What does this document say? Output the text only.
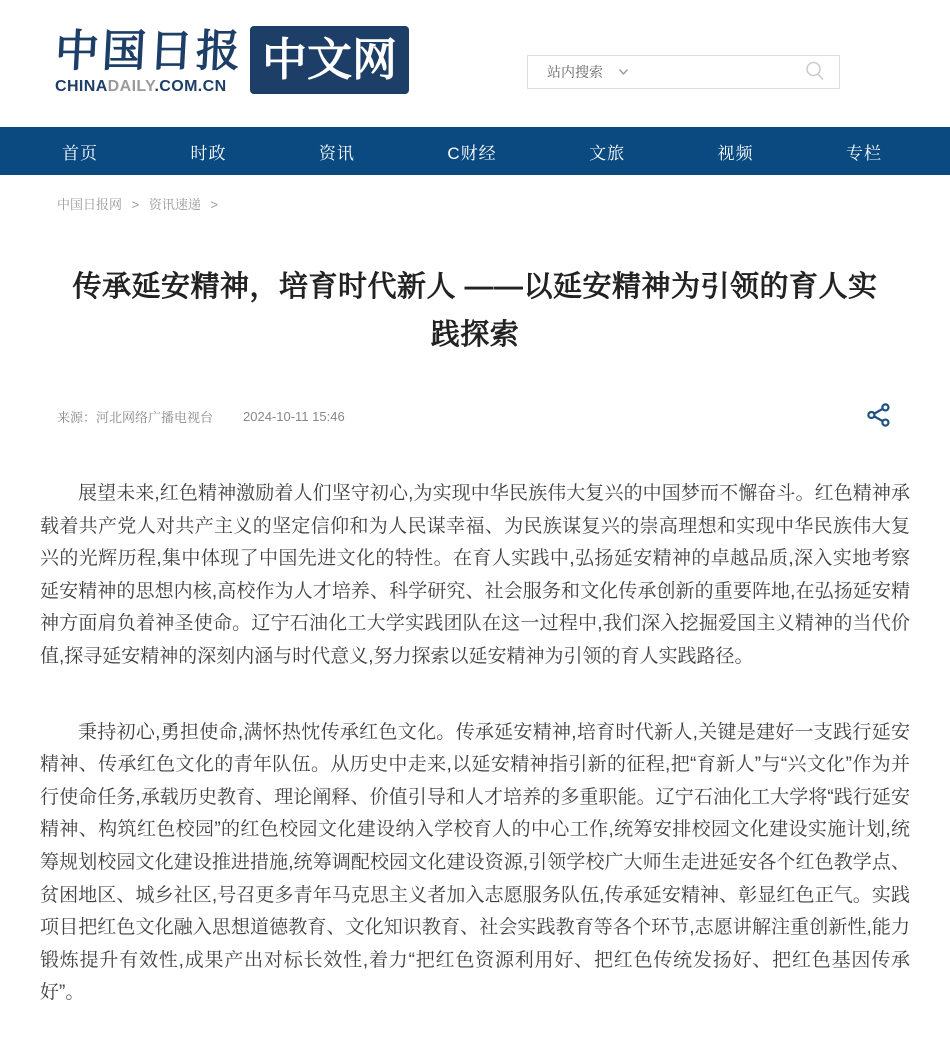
中国日报
CHINADAILY.COM.CN
中文网	站内搜索
首页	时政	资讯	C财经	文旅	视频	专栏
中国日报网 > 资讯速递 >
传承延安精神，培育时代新人 ——以延安精神为引领的育人实践探索
来源：河北网络广播电视台 2024-10-11 15:46

展望未来,红色精神激励着人们坚守初心,为实现中华民族伟大复兴的中国梦而不懈奋斗。红色精神承载着共产党人对共产主义的坚定信仰和为人民谋幸福、为民族谋复兴的崇高理想和实现中华民族伟大复兴的光辉历程,集中体现了中国先进文化的特性。在育人实践中,弘扬延安精神的卓越品质,深入实地考察延安精神的思想内核,高校作为人才培养、科学研究、社会服务和文化传承创新的重要阵地,在弘扬延安精神方面肩负着神圣使命。辽宁石油化工大学实践团队在这一过程中,我们深入挖掘爱国主义精神的当代价值,探寻延安精神的深刻内涵与时代意义,努力探索以延安精神为引领的育人实践路径。

秉持初心,勇担使命,满怀热忱传承红色文化。传承延安精神,培育时代新人,关键是建好一支践行延安精神、传承红色文化的青年队伍。从历史中走来,以延安精神指引新的征程,把“育新人”与“兴文化”作为并行使命任务,承载历史教育、理论阐释、价值引导和人才培养的多重职能。辽宁石油化工大学将“践行延安精神、构筑红色校园”的红色校园文化建设纳入学校育人的中心工作,统筹安排校园文化建设实施计划,统筹规划校园文化建设推进措施,统筹调配校园文化建设资源,引领学校广大师生走进延安各个红色教学点、贫困地区、城乡社区,号召更多青年马克思主义者加入志愿服务队伍,传承延安精神、彰显红色正气。实践项目把红色文化融入思想道德教育、文化知识教育、社会实践教育等各个环节,志愿讲解注重创新性,能力锻炼提升有效性,成果产出对标长效性,着力“把红色资源利用好、把红色传统发扬好、把红色基因传承好”。
